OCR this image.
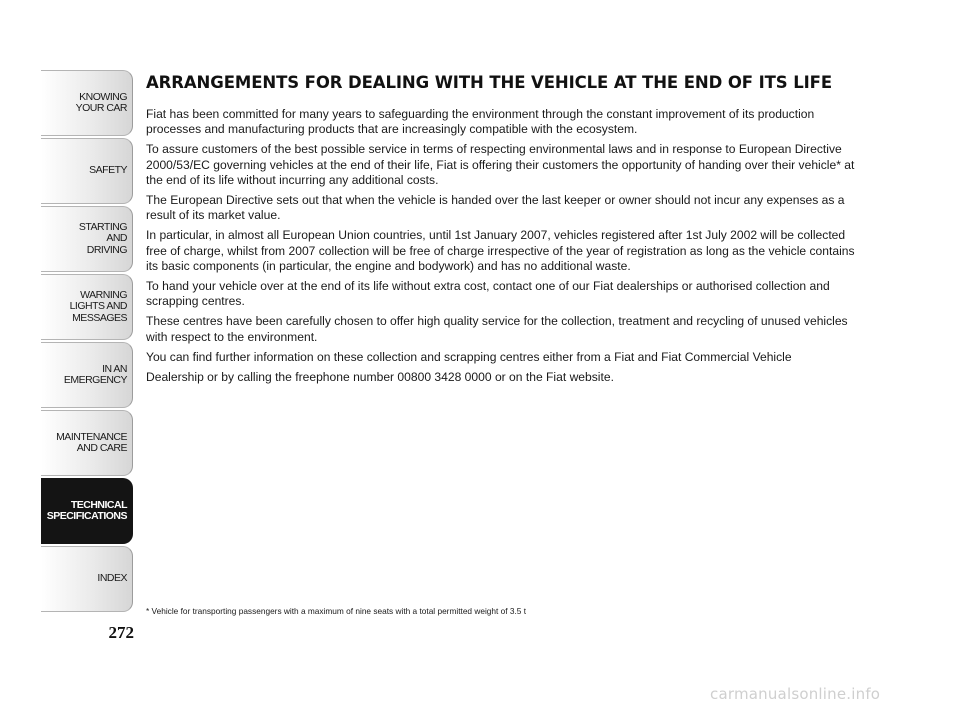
KNOWING
YOUR CAR
SAFETY
STARTING
AND
DRIVING
WARNING
LIGHTS AND
MESSAGES
IN AN
EMERGENCY
MAINTENANCE
AND CARE
TECHNICAL
SPECIFICATIONS
INDEX
272
ARRANGEMENTS FOR DEALING WITH THE VEHICLE AT THE END OF ITS LIFE

Fiat has been committed for many years to safeguarding the environment through the constant improvement of its production processes and manufacturing products that are increasingly compatible with the ecosystem.

To assure customers of the best possible service in terms of respecting environmental laws and in response to European Directive 2000/53/EC governing vehicles at the end of their life, Fiat is offering their customers the opportunity of handing over their vehicle* at the end of its life without incurring any additional costs.

The European Directive sets out that when the vehicle is handed over the last keeper or owner should not incur any expenses as a result of its market value.

In particular, in almost all European Union countries, until 1st January 2007, vehicles registered after 1st July 2002 will be collected free of charge, whilst from 2007 collection will be free of charge irrespective of the year of registration as long as the vehicle contains its basic components (in particular, the engine and bodywork) and has no additional waste.

To hand your vehicle over at the end of its life without extra cost, contact one of our Fiat dealerships or authorised collection and scrapping centres.

These centres have been carefully chosen to offer high quality service for the collection, treatment and recycling of unused vehicles with respect to the environment.

You can find further information on these collection and scrapping centres either from a Fiat and Fiat Commercial Vehicle

Dealership or by calling the freephone number 00800 3428 0000 or on the Fiat website.

* Vehicle for transporting passengers with a maximum of nine seats with a total permitted weight of 3.5 t
carmanualsonline.info
